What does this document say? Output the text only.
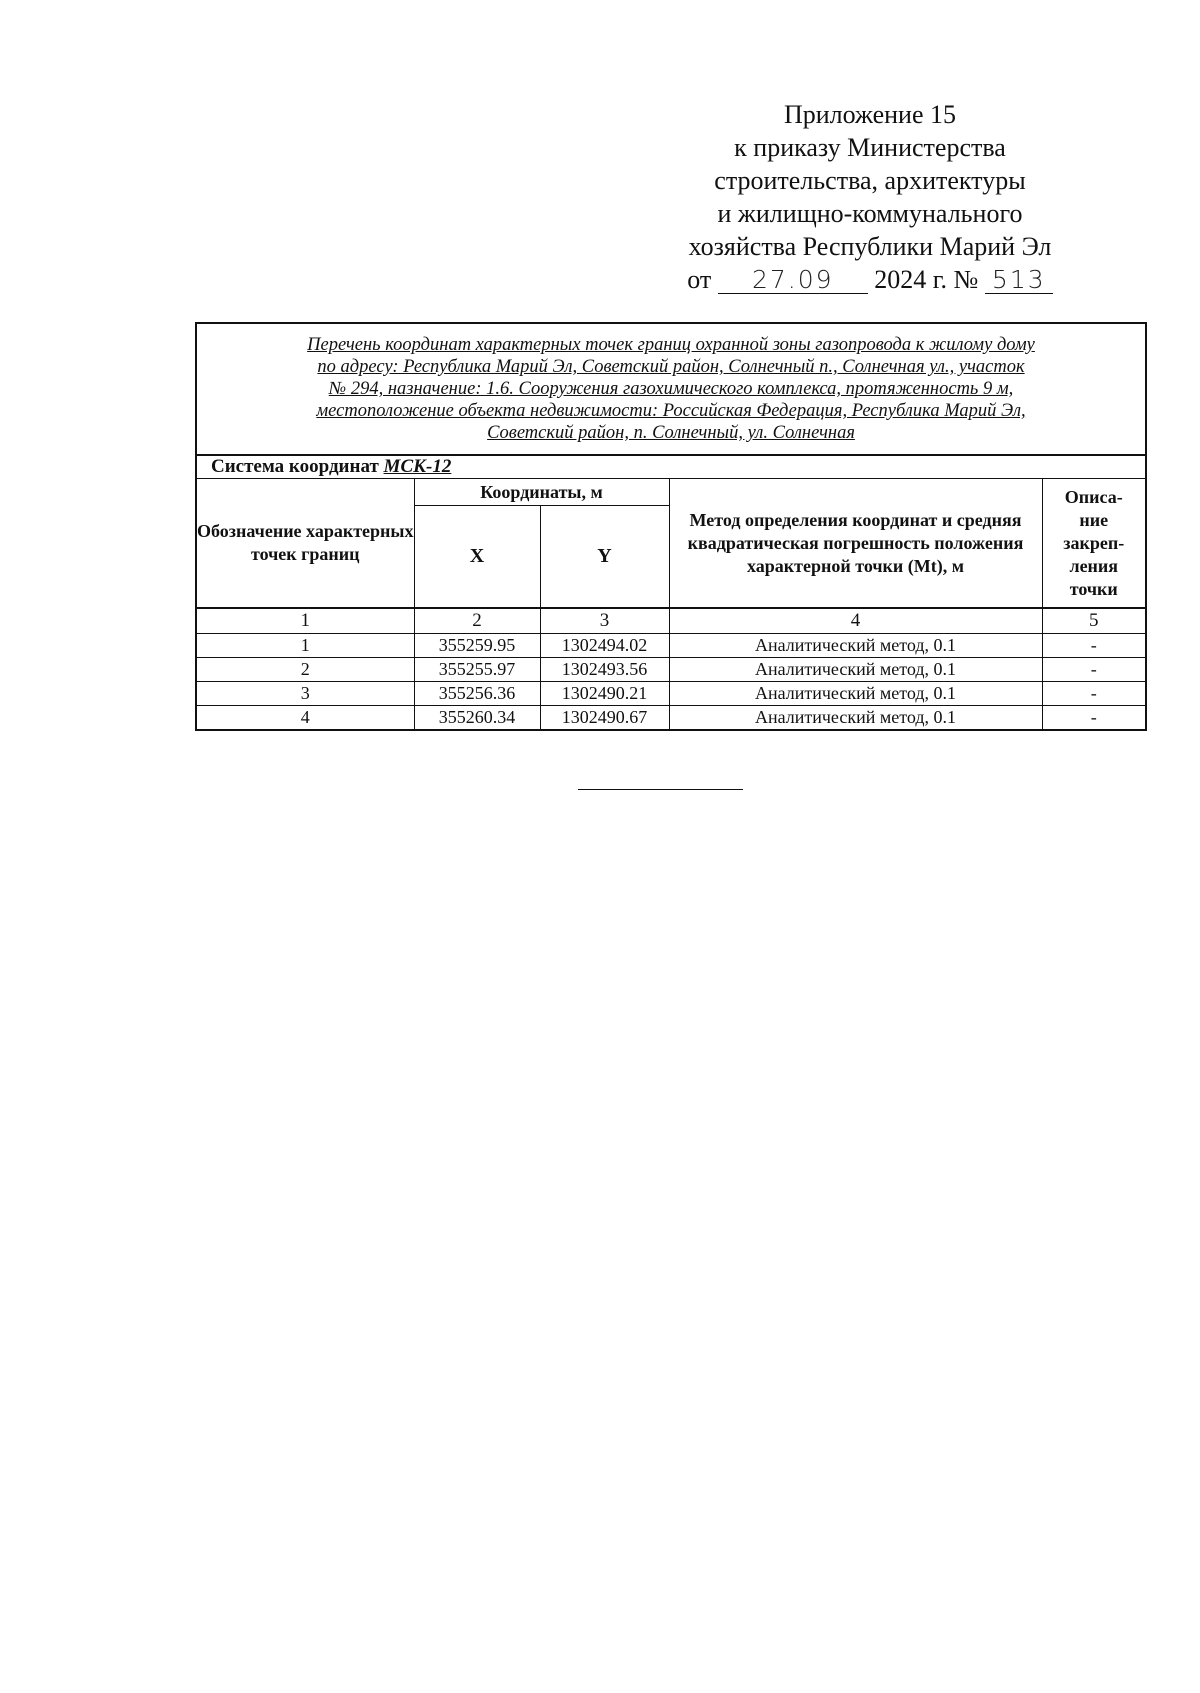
Приложение 15
к приказу Министерства
строительства, архитектуры
и жилищно-коммунального
хозяйства Республики Марий Эл
от 27.09 2024 г. № 513
Перечень координат характерных точек границ охранной зоны газопровода к жилому дому
по адресу: Республика Марий Эл, Советский район, Солнечный п., Солнечная ул., участок
№ 294, назначение: 1.6. Сооружения газохимического комплекса, протяженность 9 м,
местоположение объекта недвижимости: Российская Федерация, Республика Марий Эл,
Советский район, п. Солнечный, ул. Солнечная				

Система координат МСК-12				
Обозначение характерных точек границ	Координаты, м		Метод определения координат и средняя квадратическая погрешность положения характерной точки (Mt), м	Описа-ние закреп-ления точки
	X	Y		
1	2	3	4	5
1	355259.95	1302494.02	Аналитический метод, 0.1	-
2	355255.97	1302493.56	Аналитический метод, 0.1	-
3	355256.36	1302490.21	Аналитический метод, 0.1	-
4	355260.34	1302490.67	Аналитический метод, 0.1	-
